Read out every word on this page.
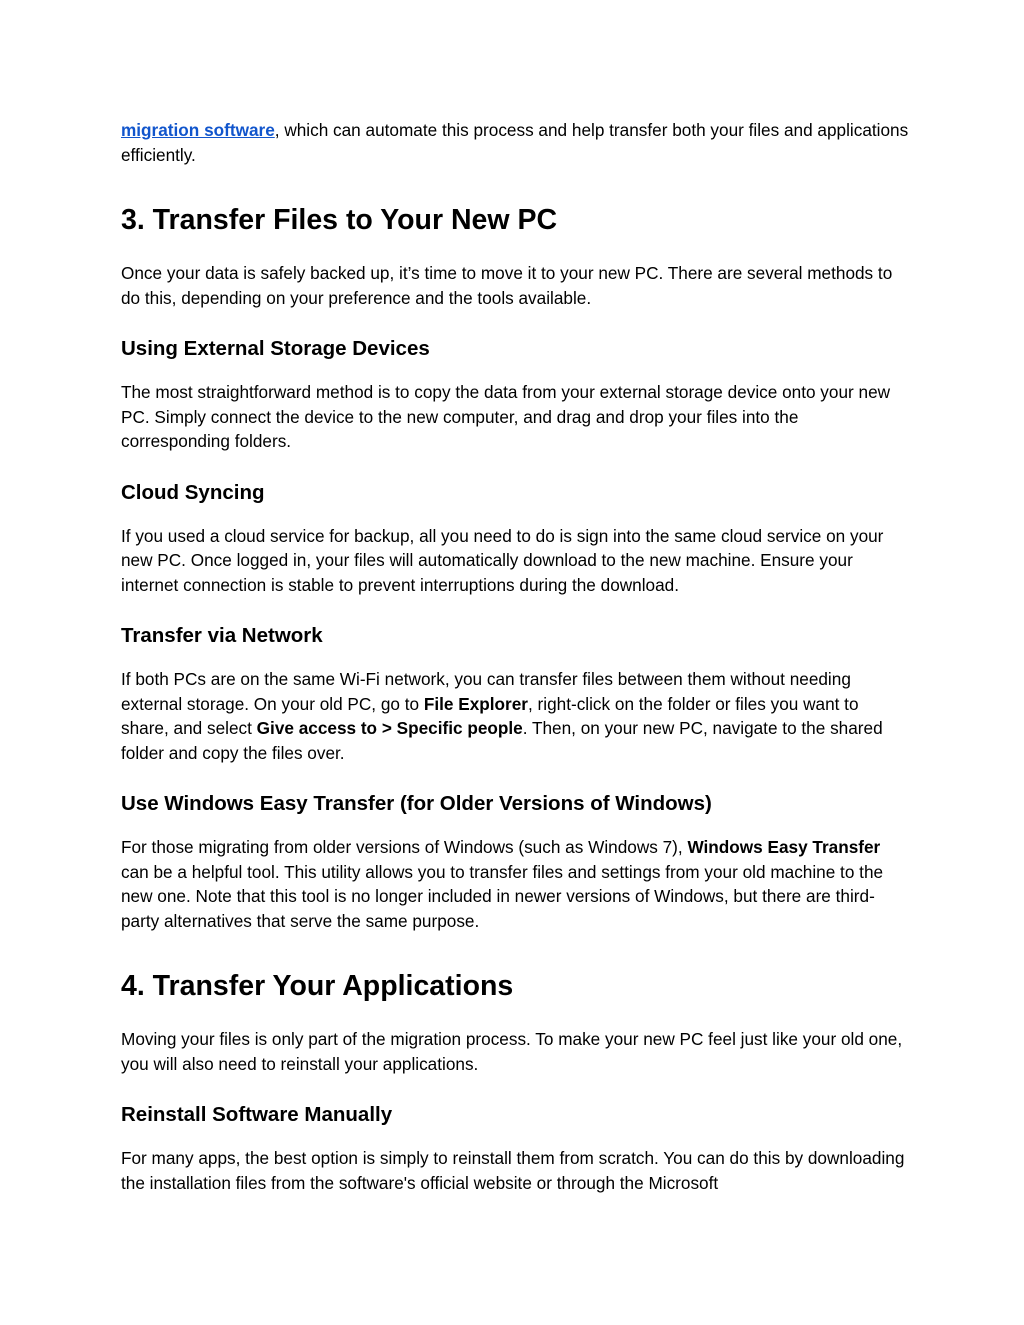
migration software, which can automate this process and help transfer both your files and applications efficiently.

3. Transfer Files to Your New PC

Once your data is safely backed up, it’s time to move it to your new PC. There are several methods to do this, depending on your preference and the tools available.

Using External Storage Devices

The most straightforward method is to copy the data from your external storage device onto your new PC. Simply connect the device to the new computer, and drag and drop your files into the corresponding folders.

Cloud Syncing

If you used a cloud service for backup, all you need to do is sign into the same cloud service on your new PC. Once logged in, your files will automatically download to the new machine. Ensure your internet connection is stable to prevent interruptions during the download.

Transfer via Network

If both PCs are on the same Wi-Fi network, you can transfer files between them without needing external storage. On your old PC, go to File Explorer, right-click on the folder or files you want to share, and select Give access to > Specific people. Then, on your new PC, navigate to the shared folder and copy the files over.

Use Windows Easy Transfer (for Older Versions of Windows)

For those migrating from older versions of Windows (such as Windows 7), Windows Easy Transfer can be a helpful tool. This utility allows you to transfer files and settings from your old machine to the new one. Note that this tool is no longer included in newer versions of Windows, but there are third-party alternatives that serve the same purpose.

4. Transfer Your Applications

Moving your files is only part of the migration process. To make your new PC feel just like your old one, you will also need to reinstall your applications.

Reinstall Software Manually

For many apps, the best option is simply to reinstall them from scratch. You can do this by downloading the installation files from the software's official website or through the Microsoft
